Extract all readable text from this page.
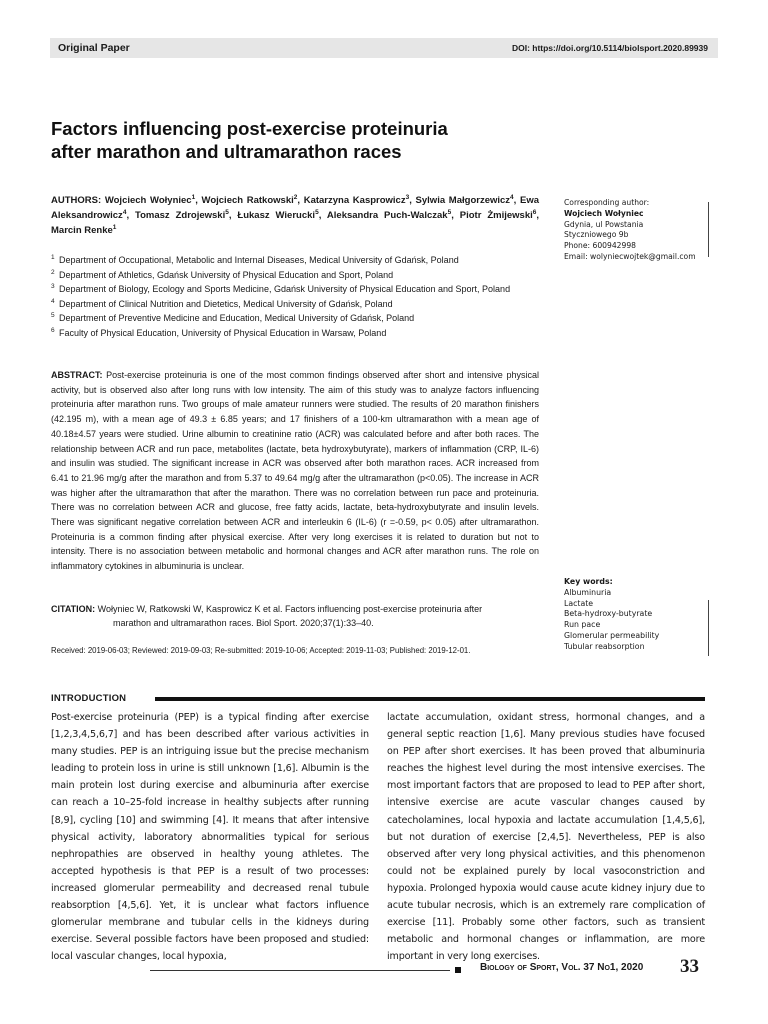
Original Paper	DOI: https://doi.org/10.5114/biolsport.2020.89939
Factors influencing post-exercise proteinuria
after marathon and ultramarathon races
AUTHORS: Wojciech Wołyniec$^1$, Wojciech Ratkowski$^2$, Katarzyna Kasprowicz$^3$, Sylwia Małgorzewicz$^4$, Ewa Aleksandrowicz$^4$, Tomasz Zdrojewski$^5$, Łukasz Wierucki$^5$, Aleksandra Puch-Walczak$^5$, Piotr Żmijewski$^6$, Marcin Renke$^1$
1 Department of Occupational, Metabolic and Internal Diseases, Medical University of Gdańsk, Poland
2 Department of Athletics, Gdańsk University of Physical Education and Sport, Poland
3 Department of Biology, Ecology and Sports Medicine, Gdańsk University of Physical Education and Sport, Poland
4 Department of Clinical Nutrition and Dietetics, Medical University of Gdańsk, Poland
5 Department of Preventive Medicine and Education, Medical University of Gdańsk, Poland
6 Faculty of Physical Education, University of Physical Education in Warsaw, Poland
ABSTRACT: Post-exercise proteinuria is one of the most common findings observed after short and intensive physical activity, but is observed also after long runs with low intensity. The aim of this study was to analyze factors influencing proteinuria after marathon runs. Two groups of male amateur runners were studied. The results of 20 marathon finishers (42.195 m), with a mean age of 49.3 ± 6.85 years; and 17 finishers of a 100-km ultramarathon with a mean age of 40.18±4.57 years were studied. Urine albumin to creatinine ratio (ACR) was calculated before and after both races. The relationship between ACR and run pace, metabolites (lactate, beta hydroxybutyrate), markers of inflammation (CRP, IL-6) and insulin was studied. The significant increase in ACR was observed after both marathon races. ACR increased from 6.41 to 21.96 mg/g after the marathon and from 5.37 to 49.64 mg/g after the ultramarathon (p<0.05). The increase in ACR was higher after the ultramarathon that after the marathon. There was no correlation between run pace and proteinuria. There was no correlation between ACR and glucose, free fatty acids, lactate, beta-hydroxybutyrate and insulin levels. There was significant negative correlation between ACR and interleukin 6 (IL-6) (r =-0.59, p< 0.05) after ultramarathon. Proteinuria is a common finding after physical exercise. After very long exercises it is related to duration but not to intensity. There is no association between metabolic and hormonal changes and ACR after marathon runs. The role on inflammatory cytokines in albuminuria is unclear.
CITATION: Wołyniec W, Ratkowski W, Kasprowicz K et al. Factors influencing post-exercise proteinuria after
marathon and ultramarathon races. Biol Sport. 2020;37(1):33–40.
Received: 2019-06-03; Reviewed: 2019-09-03; Re-submitted: 2019-10-06; Accepted: 2019-11-03; Published: 2019-12-01.
Corresponding author:
Wojciech Wołyniec
Gdynia, ul Powstania
Styczniowego 9b
Phone: 600942998
Email: wolyniecwojtek@gmail.com
Key words:
Albuminuria
Lactate
Beta-hydroxy-butyrate
Run pace
Glomerular permeability
Tubular reabsorption
INTRODUCTION
Post-exercise proteinuria (PEP) is a typical finding after exercise [1,2,3,4,5,6,7] and has been described after various activities in many studies. PEP is an intriguing issue but the precise mechanism leading to protein loss in urine is still unknown [1,6]. Albumin is the main protein lost during exercise and albuminuria after exercise can reach a 10–25-fold increase in healthy subjects after running [8,9], cycling [10] and swimming [4]. It means that after intensive physical activity, laboratory abnormalities typical for serious nephropathies are observed in healthy young athletes. The accepted hypothesis is that PEP is a result of two processes: increased glomerular permeability and decreased renal tubule reabsorption [4,5,6]. Yet, it is unclear what factors influence glomerular membrane and tubular cells in the kidneys during exercise. Several possible factors have been proposed and studied: local vascular changes, local hypoxia,
lactate accumulation, oxidant stress, hormonal changes, and a general septic reaction [1,6]. Many previous studies have focused on PEP after short exercises. It has been proved that albuminuria reaches the highest level during the most intensive exercises. The most important factors that are proposed to lead to PEP after short, intensive exercise are acute vascular changes caused by catecholamines, local hypoxia and lactate accumulation [1,4,5,6], but not duration of exercise [2,4,5]. Nevertheless, PEP is also observed after very long physical activities, and this phenomenon could not be explained purely by local vasoconstriction and hypoxia. Prolonged hypoxia would cause acute kidney injury due to acute tubular necrosis, which is an extremely rare complication of exercise [11]. Probably some other factors, such as transient metabolic and hormonal changes or inflammation, are more important in very long exercises.
Biology of Sport, Vol. 37 No1, 2020 33
